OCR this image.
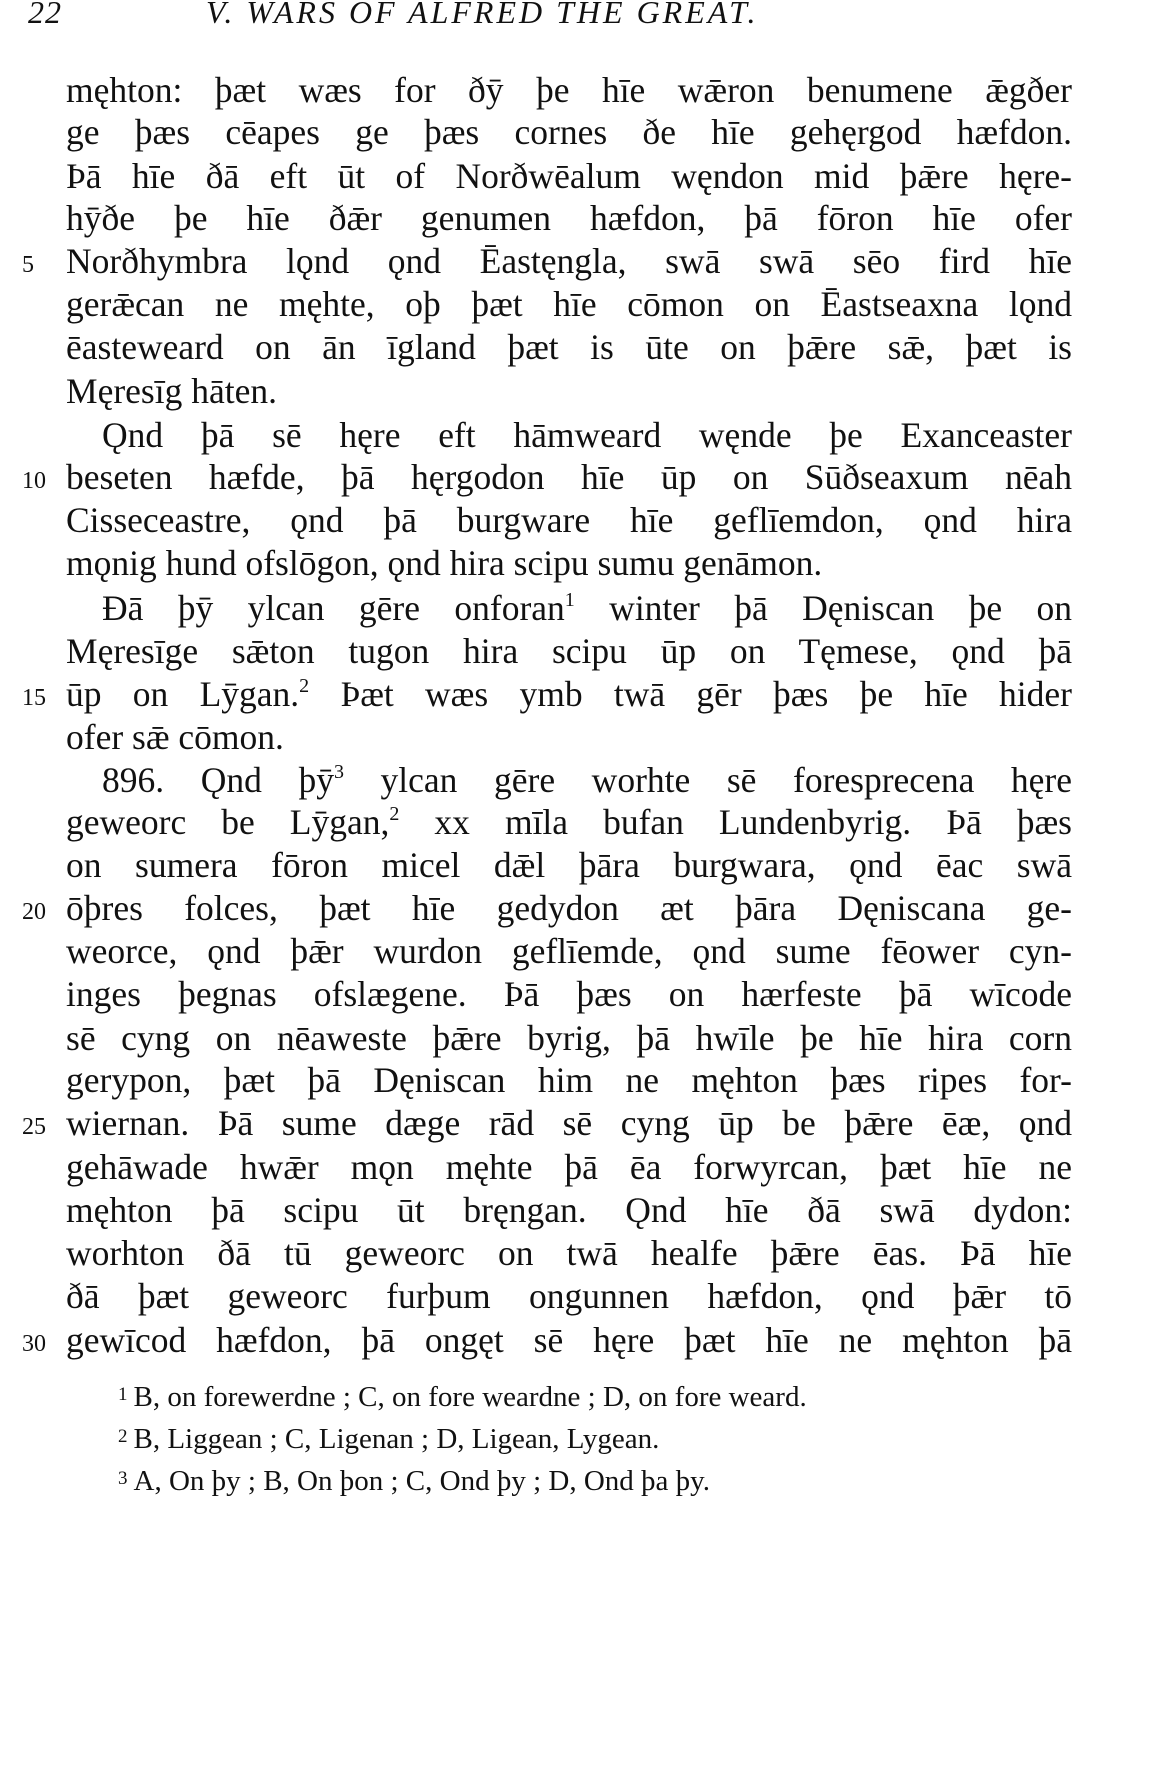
22	V. WARS OF ALFRED THE GREAT.
męhton: þæt wæs for ðӯ þe hīe wǣron benumene ǣgðer
ge þæs cēapes ge þæs cornes ðe hīe gehęrgod hæfdon.
Þā hīe ðā eft ūt of Norðwēalum węndon mid þǣre hęre-
hӯðe þe hīe ðǣr genumen hæfdon, þā fōron hīe ofer
Norðhymbra lǫnd ǫnd Ēastęngla, swā swā sēo fird hīe
5
gerǣcan ne męhte, oþ þæt hīe cōmon on Ēastseaxna lǫnd
ēasteweard on ān īgland þæt is ūte on þǣre sǣ, þæt is
Męresīg hāten.
Ǫnd þā sē hęre eft hāmweard węnde þe Exanceaster
beseten hæfde, þā hęrgodon hīe ūp on Sūðseaxum nēah
10
Cisseceastre, ǫnd þā burgware hīe geflīemdon, ǫnd hira
mǫnig hund ofslōgon, ǫnd hira scipu sumu genāmon.
Ðā þӯ ylcan gēre onforan$^1$ winter þā Dęniscan þe on
Męresīge sǣton tugon hira scipu ūp on Tęmese, ǫnd þā
ūp on Lӯgan.$^2$ Þæt wæs ymb twā gēr þæs þe hīe hider
15
ofer sǣ cōmon.
896. Ǫnd $þӯ^3$ ylcan gēre worhte sē foresprecena hęre
geweorc be Lӯgan,$^2$ xx mīla bufan Lundenbyrig. Þā þæs
on sumera fōron micel dǣl þāra burgwara, ǫnd ēac swā
ōþres folces, þæt hīe gedydon æt þāra Dęniscana ge-
20
weorce, ǫnd þǣr wurdon geflīemde, ǫnd sume fēower cyn-
inges þegnas ofslægene. Þā þæs on hærfeste þā wīcode
sē cyng on nēaweste þǣre byrig, þā hwīle þe hīe hira corn
gerypon, þæt þā Dęniscan him ne męhton þæs ripes for-
wiernan. Þā sume dæge rād sē cyng ūp be þǣre ēæ, ǫnd
25
gehāwade hwǣr mǫn męhte þā ēa forwyrcan, þæt hīe ne
męhton þā scipu ūt bręngan. Ǫnd hīe ðā swā dydon:
worhton ðā tū geweorc on twā healfe þǣre ēas. Þā hīe
ðā þæt geweorc furþum ongunnen hæfdon, ǫnd þǣr tō
gewīcod hæfdon, þā ongęt sē hęre þæt hīe ne męhton þā
30
$^1$ B, on forewerdne ; C, on fore weardne ; D, on fore weard.
$^2$ B, Liggean ; C, Ligenan ; D, Ligean, Lygean.
$^3$ A, On þy ; B, On þon ; C, Ond þy ; D, Ond þa þy.
